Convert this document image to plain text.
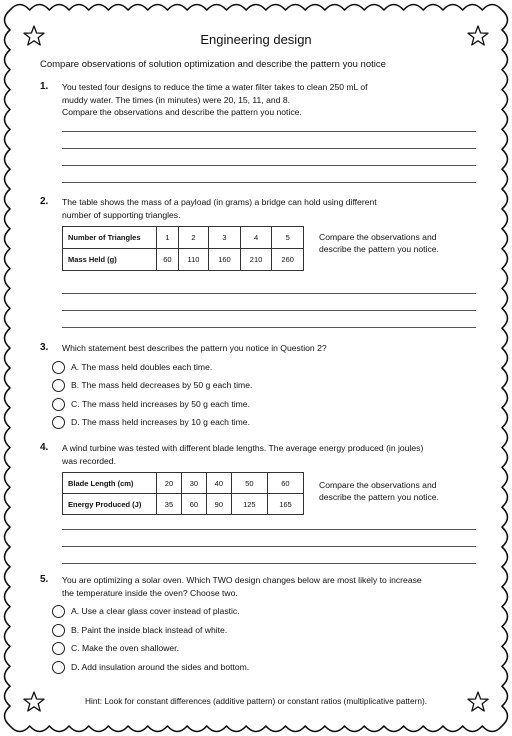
Engineering design
Compare observations of solution optimization and describe the pattern you notice
1. You tested four designs to reduce the time a water filter takes to clean 250 mL of
muddy water. The times (in minutes) were 20, 15, 11, and 8.
Compare the observations and describe the pattern you notice.
2. The table shows the mass of a payload (in grams) a bridge can hold using different
number of supporting triangles.
Number of Triangles	1	2	3	4	5
Mass Held (g)	60	110	160	210	260
Compare the observations and
describe the pattern you notice.
3. Which statement best describes the pattern you notice in Question 2?
A. The mass held doubles each time.
B. The mass held decreases by 50 g each time.
C. The mass held increases by 50 g each time.
D. The mass held increases by 10 g each time.
4. A wind turbine was tested with different blade lengths. The average energy produced (in joules)
was recorded.
Blade Length (cm)	20	30	40	50	60
Energy Produced (J)	35	60	90	125	165
Compare the observations and
describe the pattern you notice.
5. You are optimizing a solar oven. Which TWO design changes below are most likely to increase
the temperature inside the oven? Choose two.
A. Use a clear glass cover instead of plastic.
B. Paint the inside black instead of white.
C. Make the oven shallower.
D. Add insulation around the sides and bottom.
Hint: Look for constant differences (additive pattern) or constant ratios (multiplicative pattern).
